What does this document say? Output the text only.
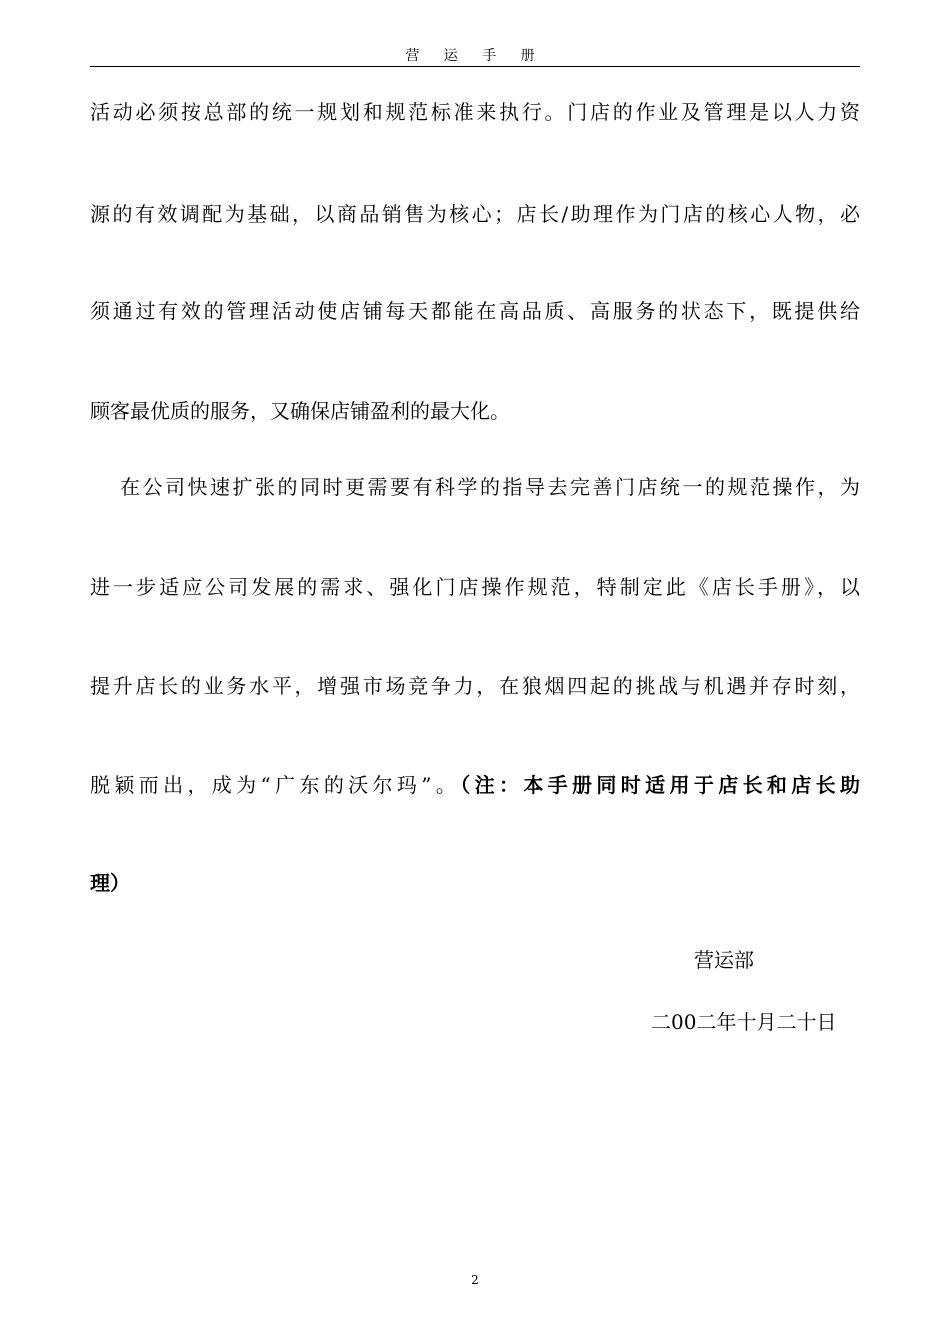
营 运 手 册
活动必须按总部的统一规划和规范标准来执行。门店的作业及管理是以人力资
源的有效调配为基础，以商品销售为核心；店长/助理作为门店的核心人物，必
须通过有效的管理活动使店铺每天都能在高品质、高服务的状态下，既提供给
顾客最优质的服务，又确保店铺盈利的最大化。
在公司快速扩张的同时更需要有科学的指导去完善门店统一的规范操作，为
进一步适应公司发展的需求、强化门店操作规范，特制定此《店长手册》，以
提升店长的业务水平，增强市场竞争力，在狼烟四起的挑战与机遇并存时刻，
脱颖而出，成为“广东的沃尔玛”。（注：本手册同时适用于店长和店长助
理）
营运部
二00二年十月二十日
2
